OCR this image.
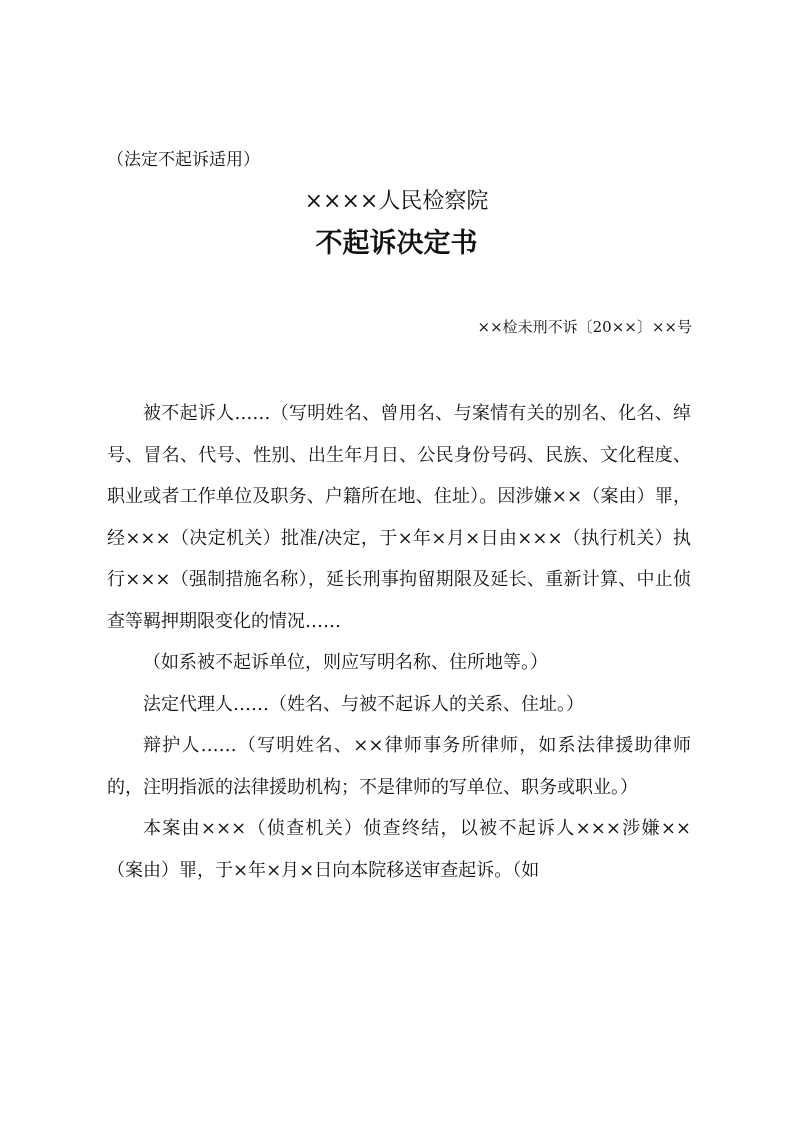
（法定不起诉适用）
××××人民检察院
不起诉决定书
××检未刑不诉〔20××〕××号

被不起诉人……（写明姓名、曾用名、与案情有关的别名、化名、绰号、冒名、代号、性别、出生年月日、公民身份号码、民族、文化程度、职业或者工作单位及职务、户籍所在地、住址）。因涉嫌××（案由）罪，经×××（决定机关）批准/决定，于×年×月×日由×××（执行机关）执行×××（强制措施名称），延长刑事拘留期限及延长、重新计算、中止侦查等羁押期限变化的情况……

（如系被不起诉单位，则应写明名称、住所地等。）

法定代理人……（姓名、与被不起诉人的关系、住址。）

辩护人……（写明姓名、××律师事务所律师，如系法律援助律师的，注明指派的法律援助机构；不是律师的写单位、职务或职业。）

本案由×××（侦查机关）侦查终结，以被不起诉人×××涉嫌××（案由）罪，于×年×月×日向本院移送审查起诉。（如
